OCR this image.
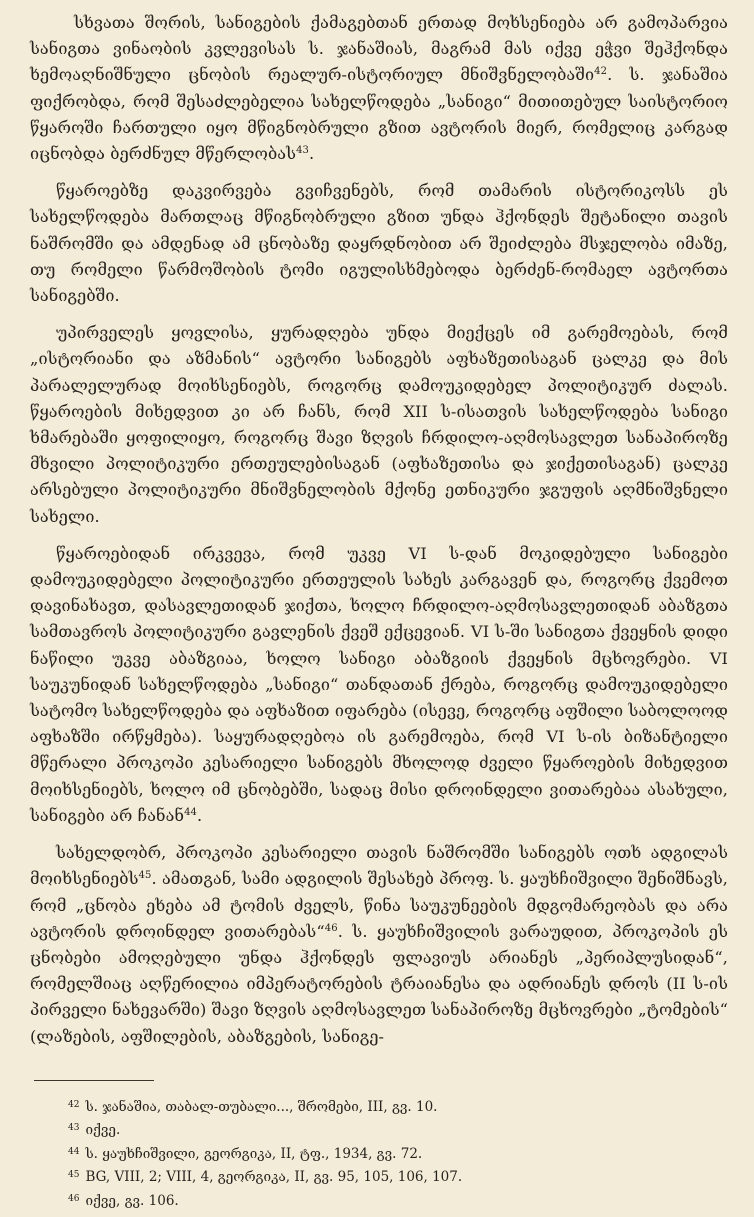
სხვათა შორის, სანიგების ქამაგებთან ერთად მოხსენიება არ გამოპარვია სანიგთა ვინაობის კვლევისას ს. ჯანაშიას, მაგრამ მას იქვე ეჭვი შეჰქონდა ხემოაღნიშნული ცნობის რეალურ-ისტორიულ მნიშვნელობაში$^{42}$. ს. ჯანაშია ფიქრობდა, რომ შესაძლებელია სახელწოდება „სანიგი“ მითითებულ საისტორიო წყაროში ჩართული იყო მწიგნობრული გზით ავტორის მიერ, რომელიც კარგად იცნობდა ბერძნულ მწერლობას$^{43}$.

წყაროებზე დაკვირვება გვიჩვენებს, რომ თამარის ისტორიკოსს ეს სახელწოდება მართლაც მწიგნობრული გზით უნდა ჰქონდეს შეტანილი თავის ნაშრომში და ამდენად ამ ცნობაზე დაყრდნობით არ შეიძლება მსჯელობა იმაზე, თუ რომელი წარმოშობის ტომი იგულისხმებოდა ბერძენ-რომაელ ავტორთა სანიგებში.

უპირველეს ყოვლისა, ყურადღება უნდა მიექცეს იმ გარემოებას, რომ „ისტორიანი და აზმანის“ ავტორი სანიგებს აფხაზეთისაგან ცალკე და მის პარალელურად მოიხსენიებს, როგორც დამოუკიდებელ პოლიტიკურ ძალას. წყაროების მიხედვით კი არ ჩანს, რომ XII ს-ისათვის სახელწოდება სანიგი ხმარებაში ყოფილიყო, როგორც შავი ზღვის ჩრდილო-აღმოსავლეთ სანაპიროზე მხვილი პოლიტიკური ერთეულებისაგან (აფხაზეთისა და ჯიქეთისაგან) ცალკე არსებული პოლიტიკური მნიშვნელობის მქონე ეთნიკური ჯგუფის აღმნიშვნელი სახელი.

წყაროებიდან ირკვევა, რომ უკვე VI ს-დან მოკიდებული სანიგები დამოუკიდებელი პოლიტიკური ერთეულის სახეს კარგავენ და, როგორც ქვემოთ დავინახავთ, დასავლეთიდან ჯიქთა, ხოლო ჩრდილო-აღმოსავლეთიდან აბაზგთა სამთავროს პოლიტიკური გავლენის ქვეშ ექცევიან. VI ს-ში სანიგთა ქვეყნის დიდი ნაწილი უკვე აბაზგიაა, ხოლო სანიგი აბაზგიის ქვეყნის მცხოვრები. VI საუკუნიდან სახელწოდება „სანიგი“ თანდათან ქრება, როგორც დამოუკიდებელი სატომო სახელწოდება და აფხაზით იფარება (ისევე, როგორც აფშილი საბოლოოდ აფხაზში ირწყმება). საყურადღებოა ის გარემოება, რომ VI ს-ის ბიზანტიელი მწერალი პროკოპი კესარიელი სანიგებს მხოლოდ ძველი წყაროების მიხედვით მოიხსენიებს, ხოლო იმ ცნობებში, სადაც მისი დროინდელი ვითარებაა ასახული, სანიგები არ ჩანან$^{44}$.

სახელდობრ, პროკოპი კესარიელი თავის ნაშრომში სანიგებს ოთხ ადგილას მოიხსენიებს$^{45}$. ამათგან, სამი ადგილის შესახებ პროფ. ს. ყაუხჩიშვილი შენიშნავს, რომ „ცნობა ეხება ამ ტომის ძველს, წინა საუკუნეების მდგომარეობას და არა ავტორის დროინდელ ვითარებას“$^{46}$. ს. ყაუხჩიშვილის ვარაუდით, პროკოპის ეს ცნობები ამოღებული უნდა ჰქონდეს ფლავიუს არიანეს „პერიპლუსიდან“, რომელშიაც აღწერილია იმპერატორების ტრაიანესა და ადრიანეს დროს (II ს-ის პირველი ნახევარში) შავი ზღვის აღმოსავლეთ სანაპიროზე მცხოვრები „ტომების“ (ლაზების, აფშილების, აბაზგების, სანიგე-

$^{42}$ ს. ჯანაშია, თაბალ-თუბალი..., შრომები, III, გვ. 10.
$^{43}$ იქვე.
$^{44}$ ს. ყაუხჩიშვილი, გეორგიკა, II, ტფ., 1934, გვ. 72.
$^{45}$ BG, VIII, 2; VIII, 4, გეორგიკა, II, გვ. 95, 105, 106, 107.
$^{46}$ იქვე, გვ. 106.
